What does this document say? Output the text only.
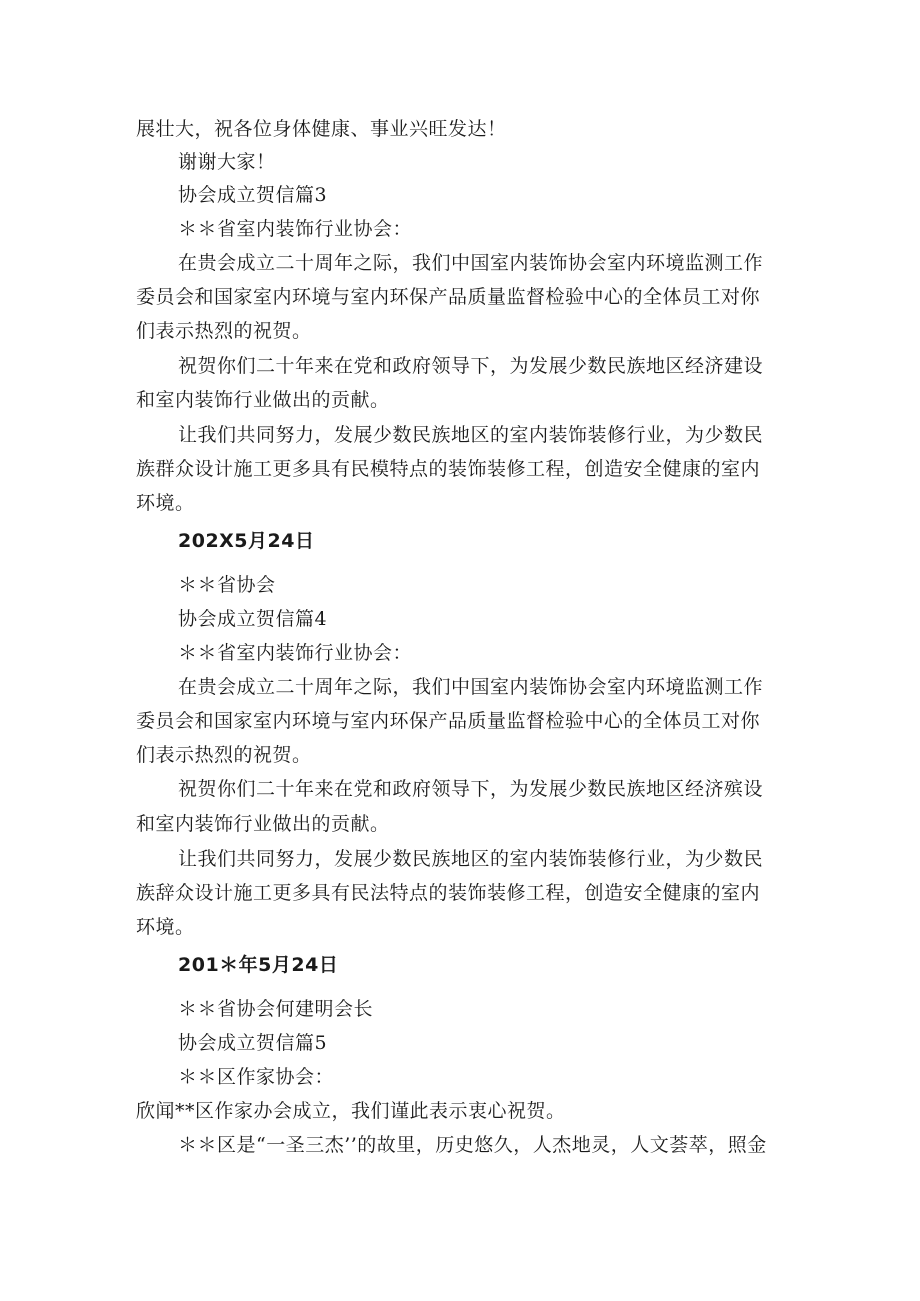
展壮大，祝各位身体健康、事业兴旺发达！
谢谢大家！
协会成立贺信篇3
＊＊省室内装饰行业协会：
在贵会成立二十周年之际，我们中国室内装饰协会室内环境监测工作
委员会和国家室内环境与室内环保产品质量监督检验中心的全体员工对你
们表示热烈的祝贺。
祝贺你们二十年来在党和政府领导下，为发展少数民族地区经济建设
和室内装饰行业做出的贡献。
让我们共同努力，发展少数民族地区的室内装饰装修行业，为少数民
族群众设计施工更多具有民模特点的装饰装修工程，创造安全健康的室内
环境。
202X5月24日
＊＊省协会
协会成立贺信篇4
＊＊省室内装饰行业协会：
在贵会成立二十周年之际，我们中国室内装饰协会室内环境监测工作
委员会和国家室内环境与室内环保产品质量监督检验中心的全体员工对你
们表示热烈的祝贺。
祝贺你们二十年来在党和政府领导下，为发展少数民族地区经济殡设
和室内装饰行业做出的贡献。
让我们共同努力，发展少数民族地区的室内装饰装修行业，为少数民
族辞众设计施工更多具有民法特点的装饰装修工程，创造安全健康的室内
环境。
201＊年5月24日
＊＊省协会何建明会长
协会成立贺信篇5
＊＊区作家协会：
欣闻**区作家办会成立，我们谨此表示衷心祝贺。
＊＊区是“一圣三杰’’的故里，历史悠久，人杰地灵，人文荟萃，照金
